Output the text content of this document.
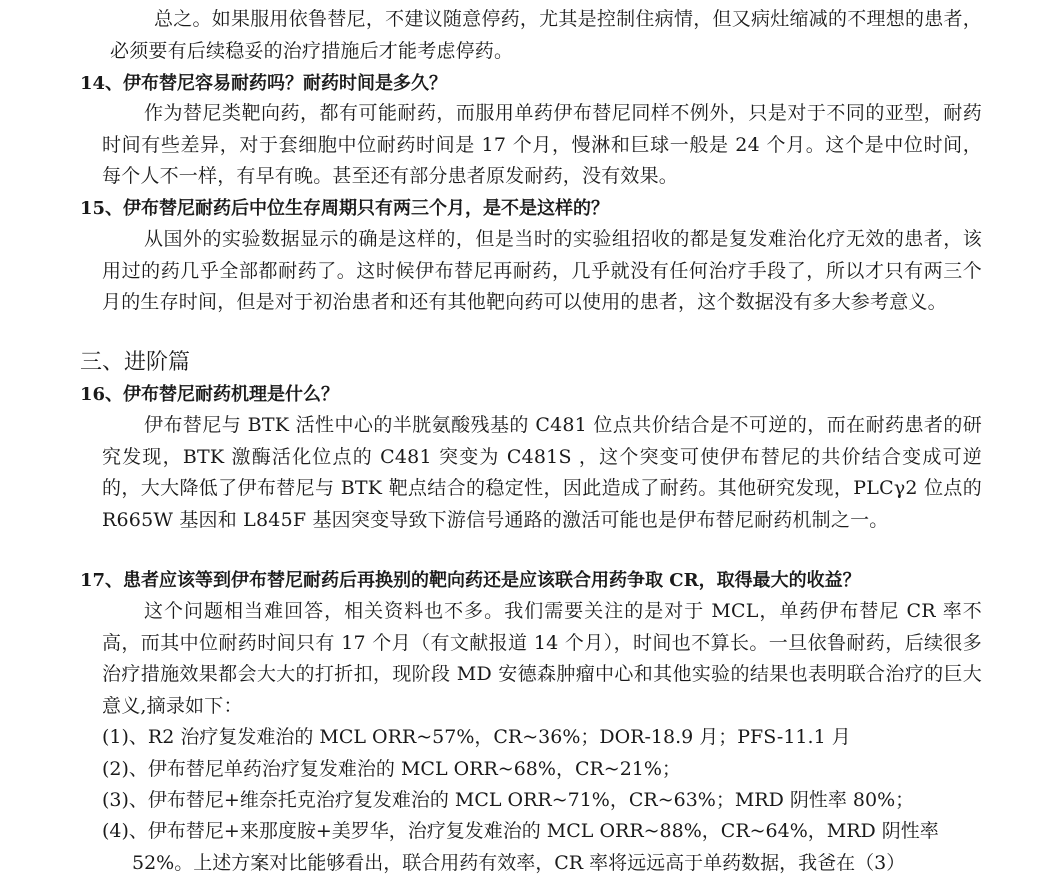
总之。如果服用依鲁替尼，不建议随意停药，尤其是控制住病情，但又病灶缩减的不理想的患者，必须要有后续稳妥的治疗措施后才能考虑停药。

14、伊布替尼容易耐药吗？耐药时间是多久？

作为替尼类靶向药，都有可能耐药，而服用单药伊布替尼同样不例外，只是对于不同的亚型，耐药时间有些差异，对于套细胞中位耐药时间是 17 个月，慢淋和巨球一般是 24 个月。这个是中位时间，每个人不一样，有早有晚。甚至还有部分患者原发耐药，没有效果。

15、伊布替尼耐药后中位生存周期只有两三个月，是不是这样的？

从国外的实验数据显示的确是这样的，但是当时的实验组招收的都是复发难治化疗无效的患者，该用过的药几乎全部都耐药了。这时候伊布替尼再耐药，几乎就没有任何治疗手段了，所以才只有两三个月的生存时间，但是对于初治患者和还有其他靶向药可以使用的患者，这个数据没有多大参考意义。

三、进阶篇

16、伊布替尼耐药机理是什么？

伊布替尼与 BTK 活性中心的半胱氨酸残基的 C481 位点共价结合是不可逆的，而在耐药患者的研究发现，BTK 激酶活化位点的 C481 突变为 C481S ，这个突变可使伊布替尼的共价结合变成可逆的，大大降低了伊布替尼与 BTK 靶点结合的稳定性，因此造成了耐药。其他研究发现，PLCγ2 位点的 R665W 基因和 L845F 基因突变导致下游信号通路的激活可能也是伊布替尼耐药机制之一。

17、患者应该等到伊布替尼耐药后再换别的靶向药还是应该联合用药争取 CR，取得最大的收益？

这个问题相当难回答，相关资料也不多。我们需要关注的是对于 MCL，单药伊布替尼 CR 率不高，而其中位耐药时间只有 17 个月（有文献报道 14 个月），时间也不算长。一旦依鲁耐药，后续很多治疗措施效果都会大大的打折扣，现阶段 MD 安德森肿瘤中心和其他实验的结果也表明联合治疗的巨大意义,摘录如下：

(1)、R2 治疗复发难治的 MCL ORR~57%，CR~36%；DOR-18.9 月；PFS-11.1 月

(2)、伊布替尼单药治疗复发难治的 MCL ORR~68%，CR~21%；

(3)、伊布替尼+维奈托克治疗复发难治的 MCL ORR~71%，CR~63%；MRD 阴性率 80%；

(4)、伊布替尼+来那度胺+美罗华，治疗复发难治的 MCL ORR~88%，CR~64%，MRD 阴性率 52%。上述方案对比能够看出，联合用药有效率，CR 率将远远高于单药数据，我爸在（3）
